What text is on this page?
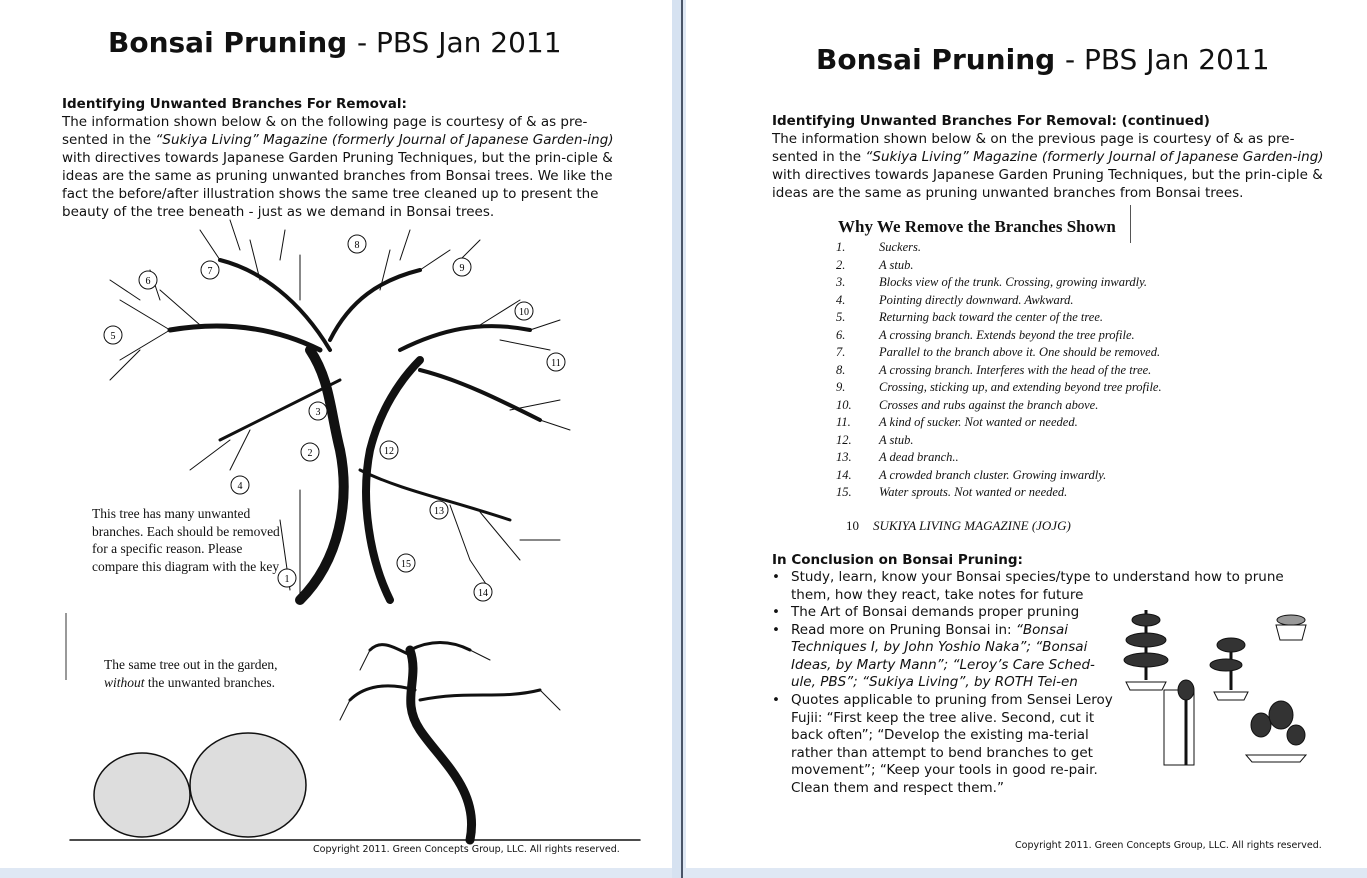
Bonsai Pruning - PBS Jan 2011
Identifying Unwanted Branches For Removal:
The information shown below & on the following page is courtesy of & as pre-sented in the “Sukiya Living” Magazine (formerly Journal of Japanese Garden-ing) with directives towards Japanese Garden Pruning Techniques, but the prin-ciple & ideas are the same as pruning unwanted branches from Bonsai trees. We like the fact the before/after illustration shows the same tree cleaned up to present the beauty of the tree beneath - just as we demand in Bonsai trees.
1
2
3
4
5
6
7
8
9
10
11
12
13
14
15
This tree has many unwanted branches. Each should be removed for a specific reason. Please compare this diagram with the key
The same tree out in the garden,
without the unwanted branches.
Copyright 2011. Green Concepts Group, LLC. All rights reserved.
Bonsai Pruning - PBS Jan 2011
Identifying Unwanted Branches For Removal: (continued)
The information shown below & on the previous page is courtesy of & as pre-sented in the “Sukiya Living” Magazine (formerly Journal of Japanese Garden-ing) with directives towards Japanese Garden Pruning Techniques, but the prin-ciple & ideas are the same as pruning unwanted branches from Bonsai trees.
Why We Remove the Branches Shown
1.	Suckers.
2.	A stub.
3.	Blocks view of the trunk. Crossing, growing inwardly.
4.	Pointing directly downward. Awkward.
5.	Returning back toward the center of the tree.
6.	A crossing branch. Extends beyond the tree profile.
7.	Parallel to the branch above it. One should be removed.
8.	A crossing branch. Interferes with the head of the tree.
9.	Crossing, sticking up, and extending beyond tree profile.
10.	Crosses and rubs against the branch above.
11.	A kind of sucker. Not wanted or needed.
12.	A stub.
13.	A dead branch..
14.	A crowded branch cluster. Growing inwardly.
15.	Water sprouts. Not wanted or needed.
10 SUKIYA LIVING MAGAZINE (JOJG)
In Conclusion on Bonsai Pruning:
• Study, learn, know your Bonsai species/type to understand how to prune them, how they react, take notes for future
• The Art of Bonsai demands proper pruning
• Read more on Pruning Bonsai in: “Bonsai Techniques I, by John Yoshio Naka”; “Bonsai Ideas, by Marty Mann”; “Leroy’s Care Sched-ule, PBS”; “Sukiya Living”, by ROTH Tei-en
• Quotes applicable to pruning from Sensei Leroy Fujii: “First keep the tree alive. Second, cut it back often”; “Develop the existing ma-terial rather than attempt to bend branches to get movement”; “Keep your tools in good re-pair. Clean them and respect them.”
Copyright 2011. Green Concepts Group, LLC. All rights reserved.
